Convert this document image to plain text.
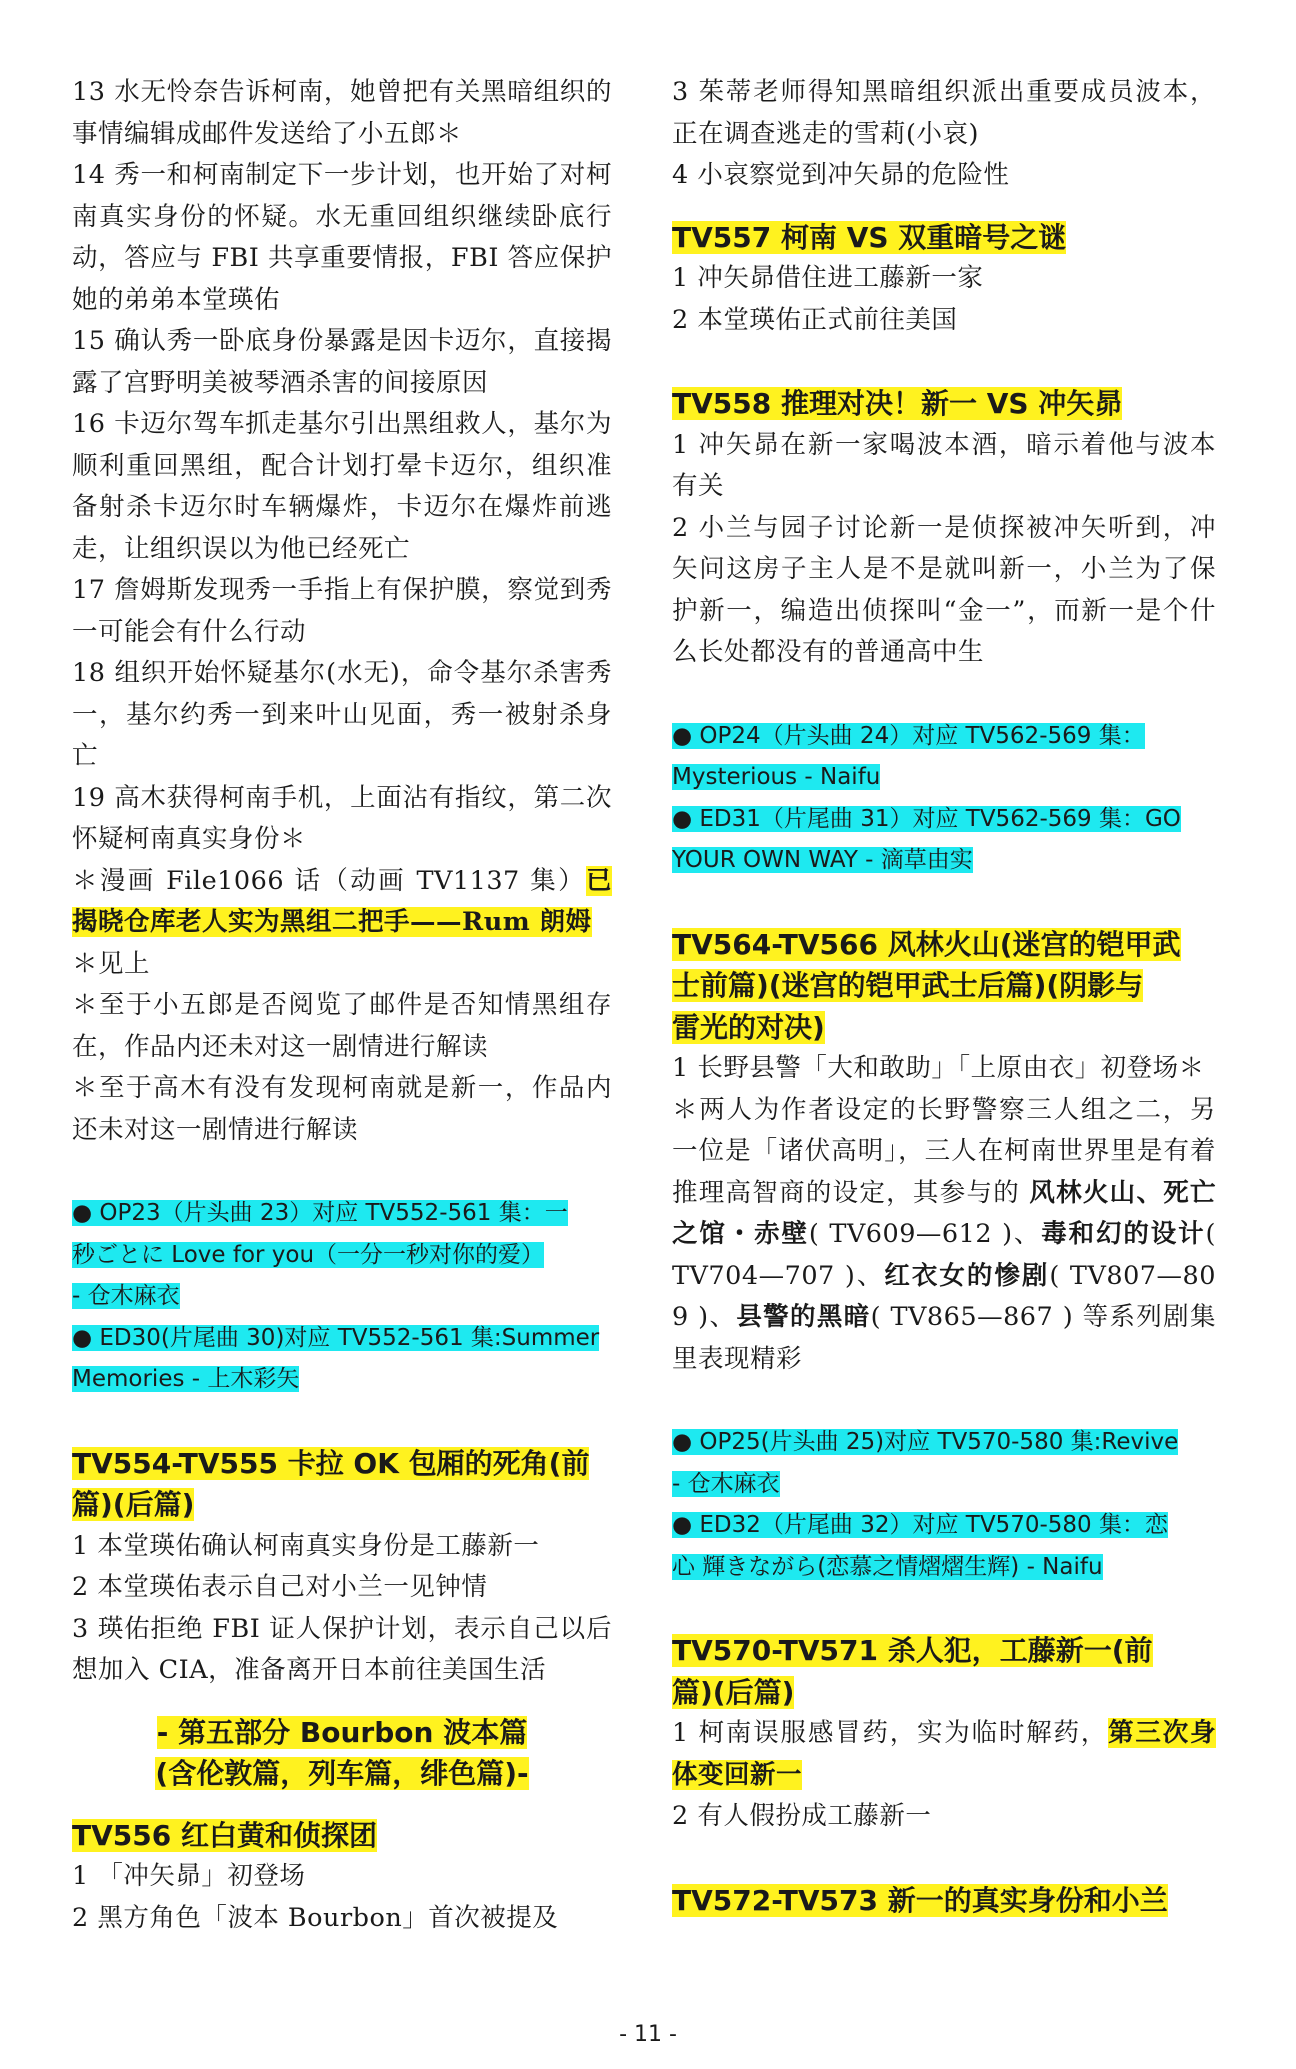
13 水无怜奈告诉柯南，她曾把有关黑暗组织的事情编辑成邮件发送给了小五郎＊

14 秀一和柯南制定下一步计划，也开始了对柯南真实身份的怀疑。水无重回组织继续卧底行动，答应与 FBI 共享重要情报，FBI 答应保护她的弟弟本堂瑛佑

15 确认秀一卧底身份暴露是因卡迈尔，直接揭露了宫野明美被琴酒杀害的间接原因

16 卡迈尔驾车抓走基尔引出黑组救人，基尔为顺利重回黑组，配合计划打晕卡迈尔，组织准备射杀卡迈尔时车辆爆炸，卡迈尔在爆炸前逃走，让组织误以为他已经死亡

17 詹姆斯发现秀一手指上有保护膜，察觉到秀一可能会有什么行动

18 组织开始怀疑基尔(水无)，命令基尔杀害秀一，基尔约秀一到来叶山见面，秀一被射杀身亡

19 高木获得柯南手机，上面沾有指纹，第二次怀疑柯南真实身份＊

＊漫画 File1066 话（动画 TV1137 集）已揭晓仓库老人实为黑组二把手——Rum 朗姆

＊见上

＊至于小五郎是否阅览了邮件是否知情黑组存在，作品内还未对这一剧情进行解读

＊至于高木有没有发现柯南就是新一，作品内还未对这一剧情进行解读

● OP23（片头曲 23）对应 TV552-561 集：一

秒ごとに Love for you（一分一秒对你的爱）

- 仓木麻衣

● ED30(片尾曲 30)对应 TV552-561 集:Summer

Memories - 上木彩矢

TV554-TV555 卡拉 OK 包厢的死角(前
篇)(后篇)

1 本堂瑛佑确认柯南真实身份是工藤新一

2 本堂瑛佑表示自己对小兰一见钟情

3 瑛佑拒绝 FBI 证人保护计划，表示自己以后想加入 CIA，准备离开日本前往美国生活

- 第五部分 Bourbon 波本篇
(含伦敦篇，列车篇，绯色篇)-

TV556 红白黄和侦探团

1 「冲矢昴」初登场

2 黑方角色「波本 Bourbon」首次被提及

3 茱蒂老师得知黑暗组织派出重要成员波本，正在调查逃走的雪莉(小哀)

4 小哀察觉到冲矢昴的危险性

TV557 柯南 VS 双重暗号之谜

1 冲矢昴借住进工藤新一家

2 本堂瑛佑正式前往美国

TV558 推理对决！新一 VS 冲矢昴

1 冲矢昴在新一家喝波本酒，暗示着他与波本有关

2 小兰与园子讨论新一是侦探被冲矢听到，冲矢问这房子主人是不是就叫新一，小兰为了保护新一，编造出侦探叫“金一”，而新一是个什么长处都没有的普通高中生

● OP24（片头曲 24）对应 TV562-569 集：

Mysterious - Naifu

● ED31（片尾曲 31）对应 TV562-569 集：GO

YOUR OWN WAY - 滴草由实

TV564-TV566 风林火山(迷宫的铠甲武
士前篇)(迷宫的铠甲武士后篇)(阴影与
雷光的对决)

1 长野县警「大和敢助」「上原由衣」初登场＊

＊两人为作者设定的长野警察三人组之二，另一位是「诸伏高明」，三人在柯南世界里是有着推理高智商的设定，其参与的 风林火山、死亡之馆・赤壁( TV609—612 )、毒和幻的设计( TV704—707 )、红衣女的惨剧( TV807—809 )、县警的黑暗( TV865—867 ) 等系列剧集里表现精彩

● OP25(片头曲 25)对应 TV570-580 集:Revive

- 仓木麻衣

● ED32（片尾曲 32）对应 TV570-580 集：恋

心 輝きながら(恋慕之情熠熠生辉) - Naifu

TV570-TV571 杀人犯，工藤新一(前
篇)(后篇)

1 柯南误服感冒药，实为临时解药，第三次身体变回新一

2 有人假扮成工藤新一

TV572-TV573 新一的真实身份和小兰

- 11 -
